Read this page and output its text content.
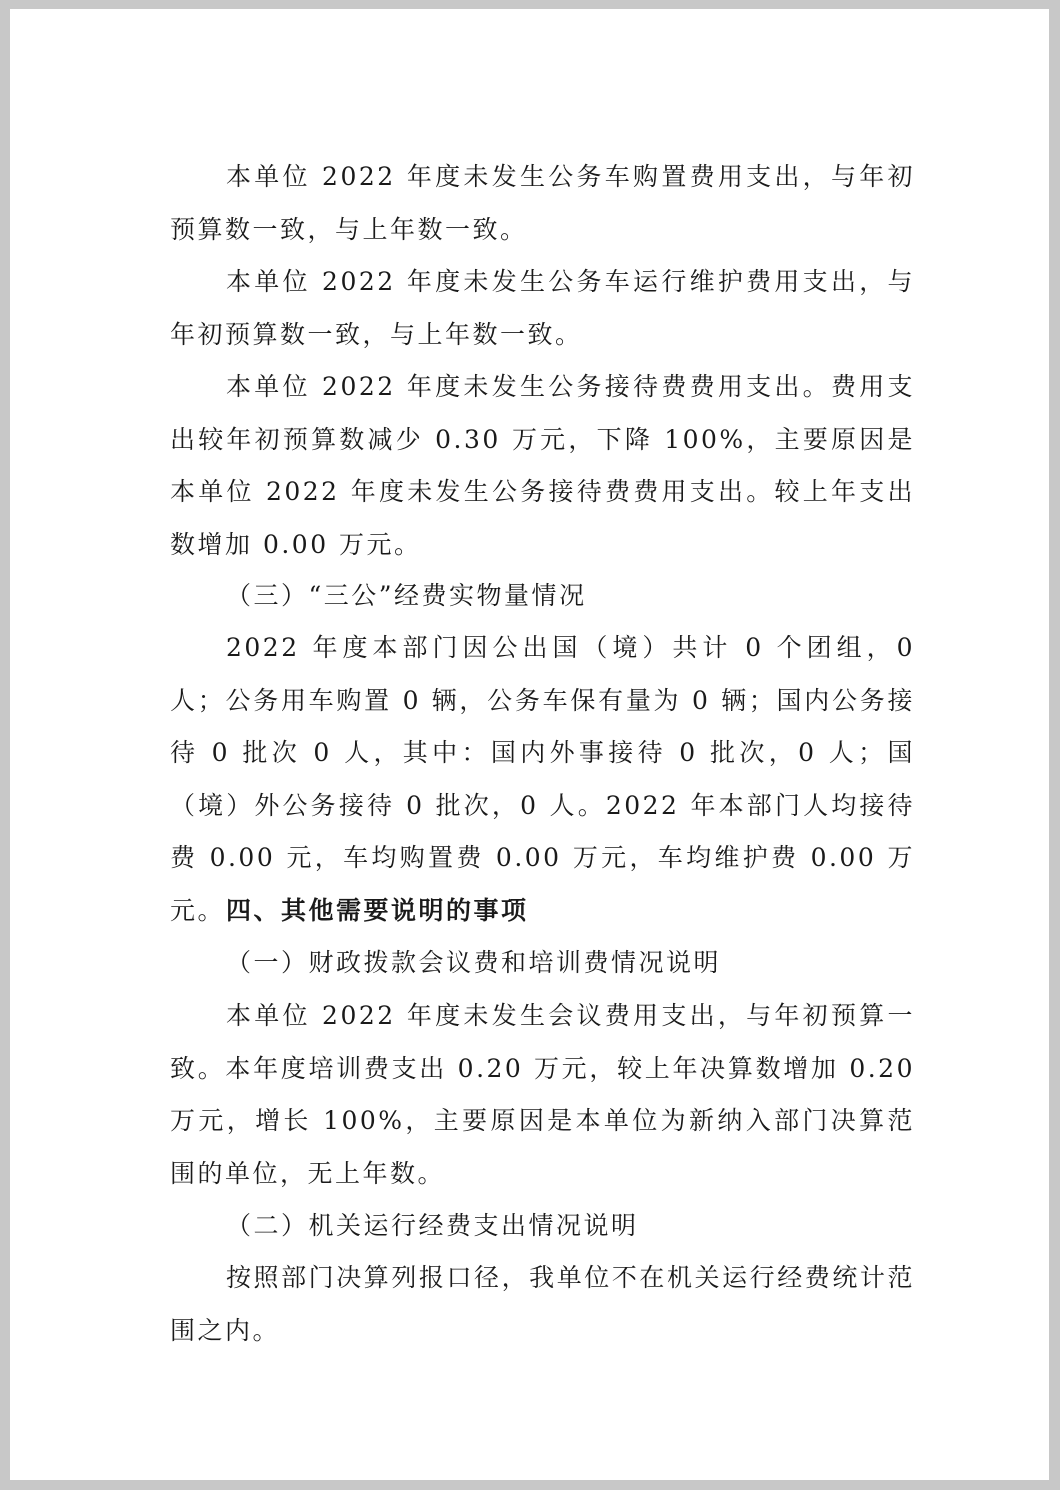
本单位 2022 年度未发生公务车购置费用支出，与年初预算数一致，与上年数一致。

本单位 2022 年度未发生公务车运行维护费用支出，与年初预算数一致，与上年数一致。

本单位 2022 年度未发生公务接待费费用支出。费用支出较年初预算数减少 0.30 万元，下降 100%，主要原因是本单位 2022 年度未发生公务接待费费用支出。较上年支出数增加 0.00 万元。

（三）“三公”经费实物量情况

2022 年度本部门因公出国（境）共计 0 个团组，0 人；公务用车购置 0 辆，公务车保有量为 0 辆；国内公务接待 0 批次 0 人，其中：国内外事接待 0 批次，0 人；国（境）外公务接待 0 批次，0 人。2022 年本部门人均接待费 0.00 元，车均购置费 0.00 万元，车均维护费 0.00 万元。 四、其他需要说明的事项

（一）财政拨款会议费和培训费情况说明

本单位 2022 年度未发生会议费用支出，与年初预算一致。本年度培训费支出 0.20 万元，较上年决算数增加 0.20 万元，增长 100%，主要原因是本单位为新纳入部门决算范围的单位，无上年数。

（二）机关运行经费支出情况说明

按照部门决算列报口径，我单位不在机关运行经费统计范围之内。
